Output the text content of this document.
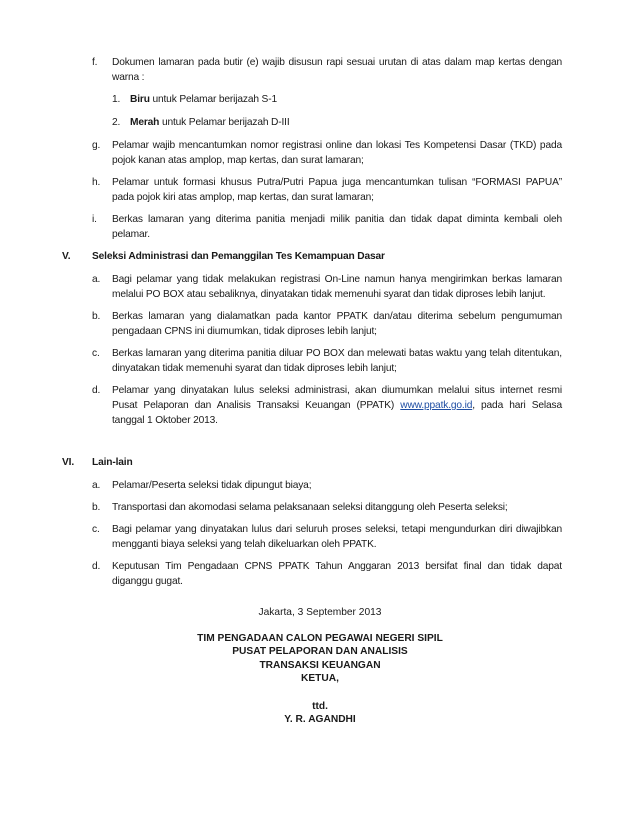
f. Dokumen lamaran pada butir (e) wajib disusun rapi sesuai urutan di atas dalam map kertas dengan warna :
1. Biru untuk Pelamar berijazah S-1
2. Merah untuk Pelamar berijazah D-III
g. Pelamar wajib mencantumkan nomor registrasi online dan lokasi Tes Kompetensi Dasar (TKD) pada pojok kanan atas amplop, map kertas, dan surat lamaran;
h. Pelamar untuk formasi khusus Putra/Putri Papua juga mencantumkan tulisan “FORMASI PAPUA” pada pojok kiri atas amplop, map kertas, dan surat lamaran;
i. Berkas lamaran yang diterima panitia menjadi milik panitia dan tidak dapat diminta kembali oleh pelamar.
V. Seleksi Administrasi dan Pemanggilan Tes Kemampuan Dasar
a. Bagi pelamar yang tidak melakukan registrasi On-Line namun hanya mengirimkan berkas lamaran melalui PO BOX atau sebaliknya, dinyatakan tidak memenuhi syarat dan tidak diproses lebih lanjut.
b. Berkas lamaran yang dialamatkan pada kantor PPATK dan/atau diterima sebelum pengumuman pengadaan CPNS ini diumumkan, tidak diproses lebih lanjut;
c. Berkas lamaran yang diterima panitia diluar PO BOX dan melewati batas waktu yang telah ditentukan, dinyatakan tidak memenuhi syarat dan tidak diproses lebih lanjut;
d. Pelamar yang dinyatakan lulus seleksi administrasi, akan diumumkan melalui situs internet resmi Pusat Pelaporan dan Analisis Transaksi Keuangan (PPATK) www.ppatk.go.id, pada hari Selasa tanggal 1 Oktober 2013.
VI. Lain-lain
a. Pelamar/Peserta seleksi tidak dipungut biaya;
b. Transportasi dan akomodasi selama pelaksanaan seleksi ditanggung oleh Peserta seleksi;
c. Bagi pelamar yang dinyatakan lulus dari seluruh proses seleksi, tetapi mengundurkan diri diwajibkan mengganti biaya seleksi yang telah dikeluarkan oleh PPATK.
d. Keputusan Tim Pengadaan CPNS PPATK Tahun Anggaran 2013 bersifat final dan tidak dapat diganggu gugat.
Jakarta, 3 September 2013
TIM PENGADAAN CALON PEGAWAI NEGERI SIPIL
PUSAT PELAPORAN DAN ANALISIS
TRANSAKSI KEUANGAN
KETUA,
ttd.
Y. R. AGANDHI
